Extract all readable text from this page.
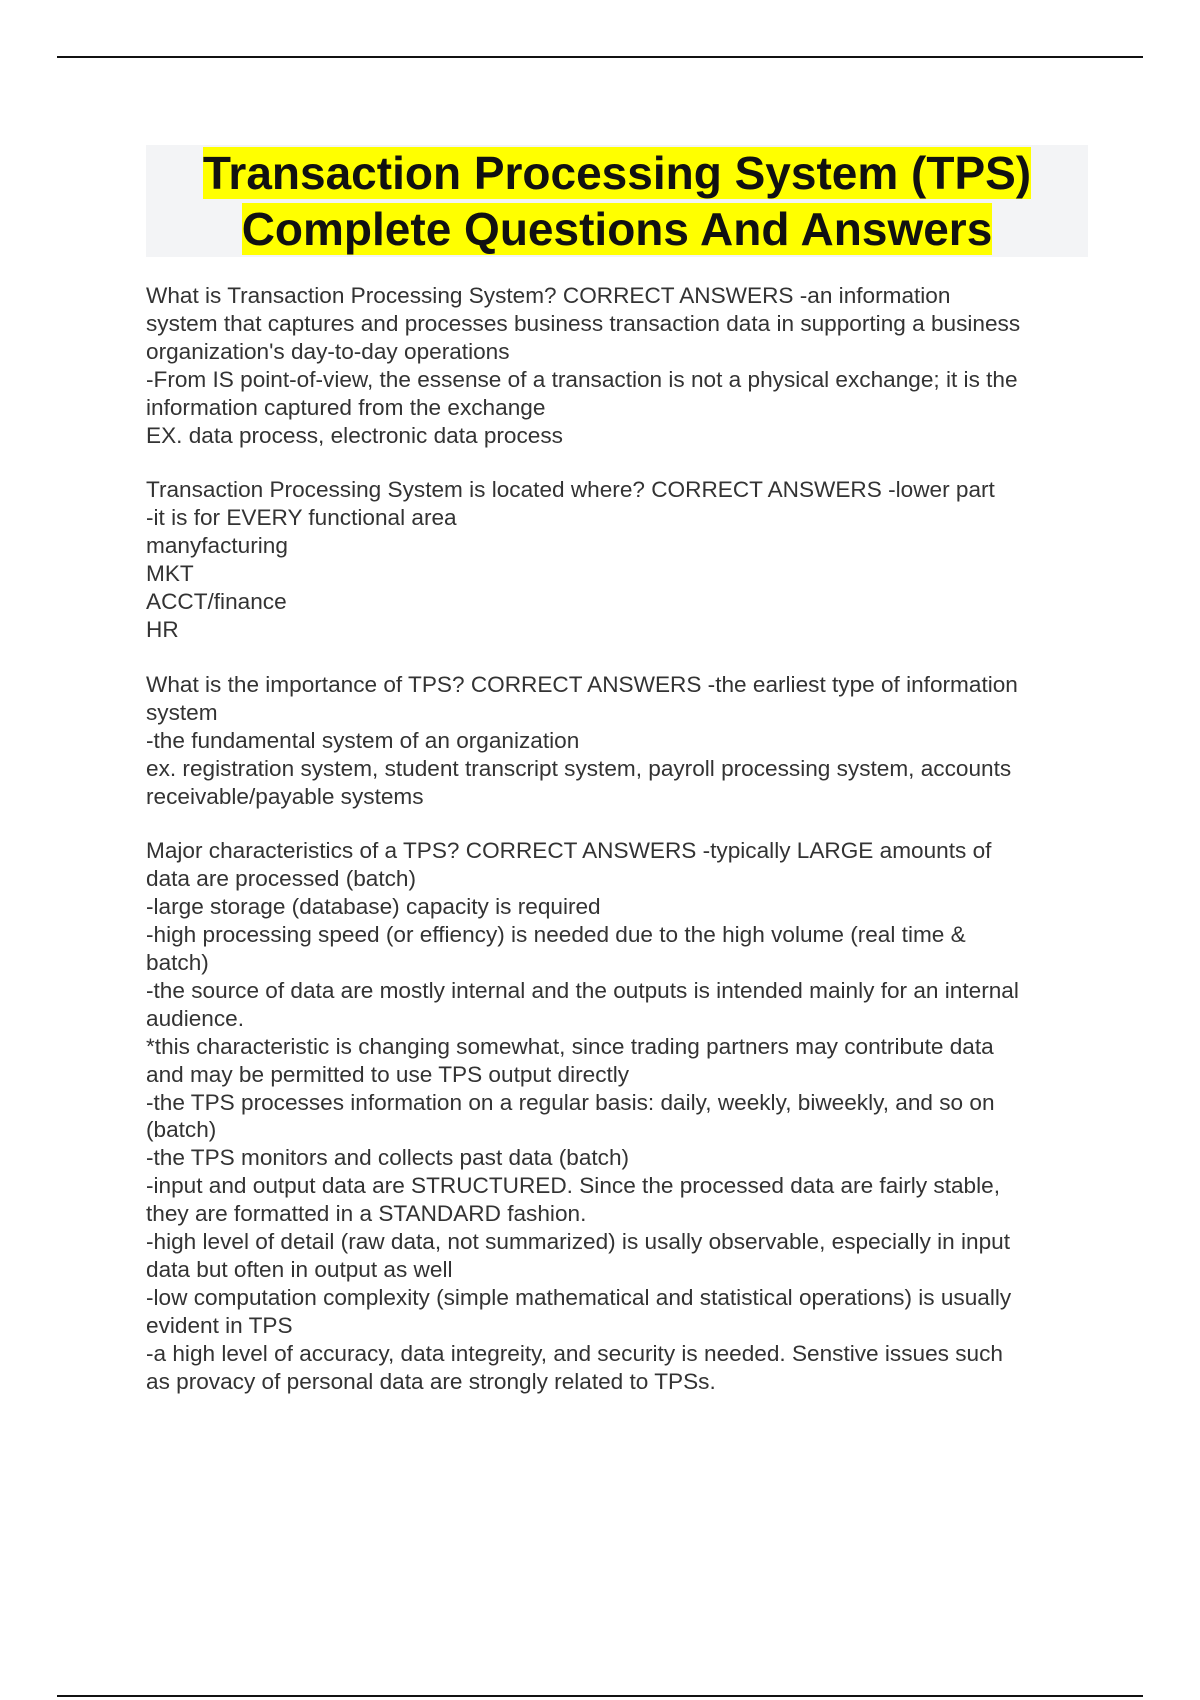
Transaction Processing System (TPS)
Complete Questions And Answers
What is Transaction Processing System? CORRECT ANSWERS -an information
system that captures and processes business transaction data in supporting a business
organization's day-to-day operations
-From IS point-of-view, the essense of a transaction is not a physical exchange; it is the
information captured from the exchange
EX. data process, electronic data process
Transaction Processing System is located where? CORRECT ANSWERS -lower part
-it is for EVERY functional area
manyfacturing
MKT
ACCT/finance
HR
What is the importance of TPS? CORRECT ANSWERS -the earliest type of information
system
-the fundamental system of an organization
ex. registration system, student transcript system, payroll processing system, accounts
receivable/payable systems
Major characteristics of a TPS? CORRECT ANSWERS -typically LARGE amounts of
data are processed (batch)
-large storage (database) capacity is required
-high processing speed (or effiency) is needed due to the high volume (real time &
batch)
-the source of data are mostly internal and the outputs is intended mainly for an internal
audience.
*this characteristic is changing somewhat, since trading partners may contribute data
and may be permitted to use TPS output directly
-the TPS processes information on a regular basis: daily, weekly, biweekly, and so on
(batch)
-the TPS monitors and collects past data (batch)
-input and output data are STRUCTURED. Since the processed data are fairly stable,
they are formatted in a STANDARD fashion.
-high level of detail (raw data, not summarized) is usally observable, especially in input
data but often in output as well
-low computation complexity (simple mathematical and statistical operations) is usually
evident in TPS
-a high level of accuracy, data integreity, and security is needed. Senstive issues such
as provacy of personal data are strongly related to TPSs.
